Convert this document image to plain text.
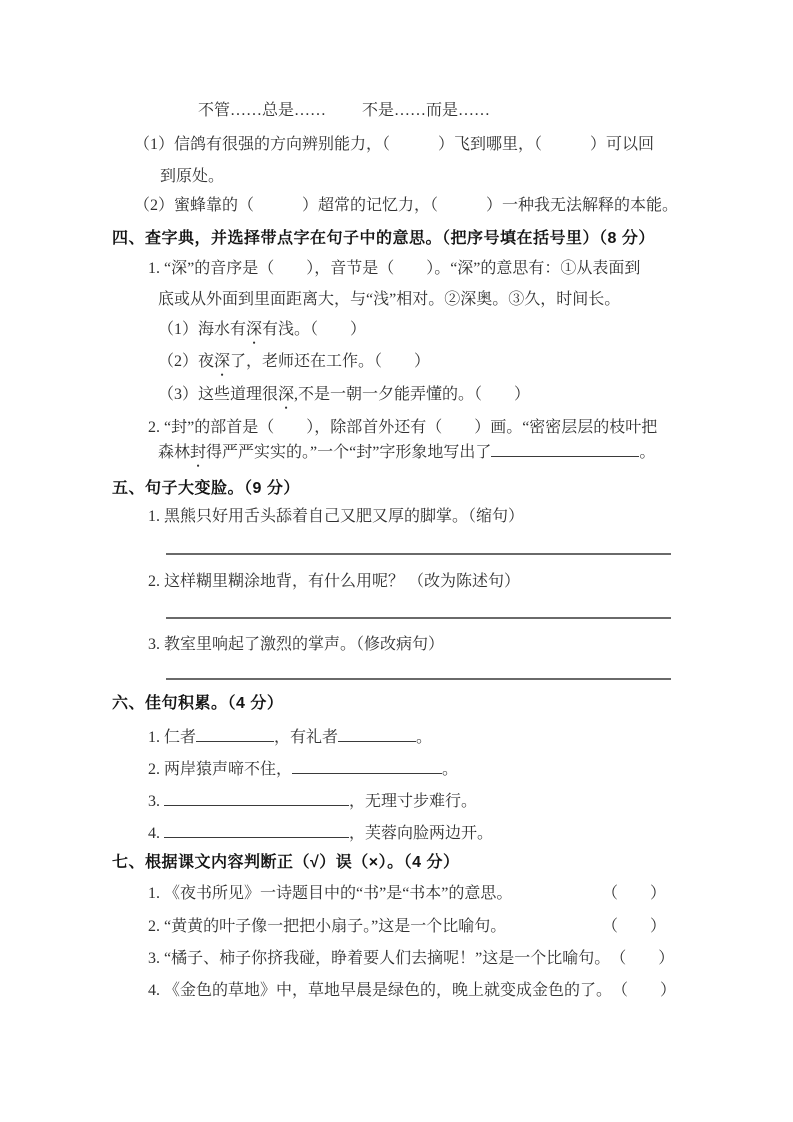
不管……总是…… 不是……而是……
（1）信鸽有很强的方向辨别能力，（　　　）飞到哪里，（　　　）可以回
到原处。
（2）蜜蜂靠的（　　　）超常的记忆力，（　　　）一种我无法解释的本能。
四、查字典，并选择带点字在句子中的意思。（把序号填在括号里）（8 分）
1. “深”的音序是（　　），音节是（　　）。“深”的意思有：①从表面到
底或从外面到里面距离大，与“浅”相对。②深奥。③久，时间长。
（1）海水有深有浅。（　　）
（2）夜深了，老师还在工作。（　　）
（3）这些道理很深,不是一朝一夕能弄懂的。（　　）
2. “封”的部首是（　　），除部首外还有（　　）画。“密密层层的枝叶把
森林封得严严实实的。”一个“封”字形象地写出了	。
五、句子大变脸。（9 分）
1. 黑熊只好用舌头舔着自己又肥又厚的脚掌。（缩句）
2. 这样糊里糊涂地背，有什么用呢？ （改为陈述句）
3. 教室里响起了激烈的掌声。（修改病句）
六、佳句积累。（4 分）
1. 仁者	，有礼者	。
2. 两岸猿声啼不住，	。
3.	，无理寸步难行。
4.	，芙蓉向脸两边开。
七、根据课文内容判断正（√）误（×）。（4 分）
1. 《夜书所见》一诗题目中的“书”是“书本”的意思。	（　　）
2. “黄黄的叶子像一把把小扇子。”这是一个比喻句。	（　　）
3. “橘子、柿子你挤我碰，睁着要人们去摘呢！”这是一个比喻句。 （　　）
4. 《金色的草地》中，草地早晨是绿色的，晚上就变成金色的了。 （　　）
